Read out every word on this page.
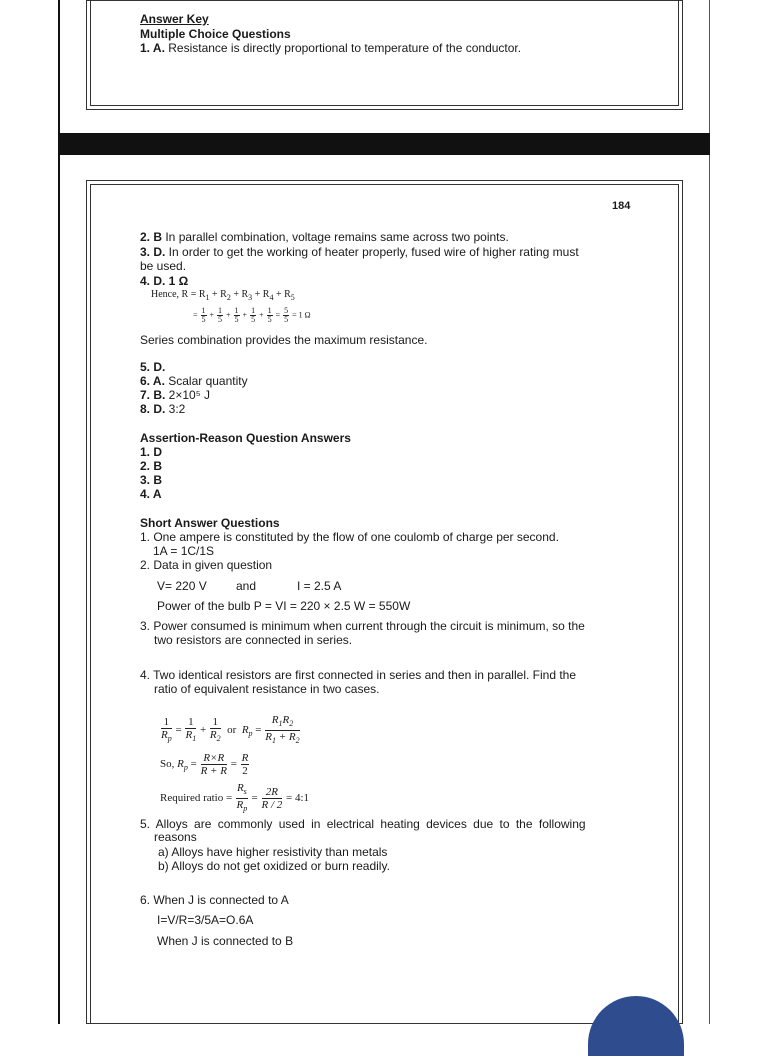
Answer Key
Multiple Choice Questions
1. A. Resistance is directly proportional to temperature of the conductor.
184
2. B In parallel combination, voltage remains same across two points.
3. D. In order to get the working of heater properly, fused wire of higher rating must
be used.
4. D. 1 Ω
Hence, $R = R_1 + R_2 + R_3 + R_4 + R_5$
= $\frac{1}{5} + \frac{1}{5} + \frac{1}{5} + \frac{1}{5} + \frac{1}{5} = \frac{5}{5} = 1$ Ω
Series combination provides the maximum resistance.
5. D.
6. A. Scalar quantity
7. B. 2×10⁵ J
8. D. 3:2
Assertion-Reason Question Answers
1. D
2. B
3. B
4. A
Short Answer Questions
1. One ampere is constituted by the flow of one coulomb of charge per second.
1A = 1C/1S
2. Data in given question
V= 220 V and	I = 2.5 A
Power of the bulb P = VI = 220 × 2.5 W = 550W
3. Power consumed is minimum when current through the circuit is minimum, so the
two resistors are connected in series.
4. Two identical resistors are first connected in series and then in parallel. Find the
ratio of equivalent resistance in two cases.
$\frac{1}{R_p} = \frac{1}{R_1} + \frac{1}{R_2}$ or $R_p = \frac{R_1R_2}{R_1 + R_2}$
So, $R_p = \frac{R\times R}{R + R} = \frac{R}{2}$
Required ratio = $\frac{R_s}{R_p} = \frac{2R}{R / 2}$ = 4:1
5. Alloys are commonly used in electrical heating devices due to the following
reasons
a) Alloys have higher resistivity than metals
b) Alloys do not get oxidized or burn readily.
6. When J is connected to A
I=V/R=3/5A=O.6A
When J is connected to B
